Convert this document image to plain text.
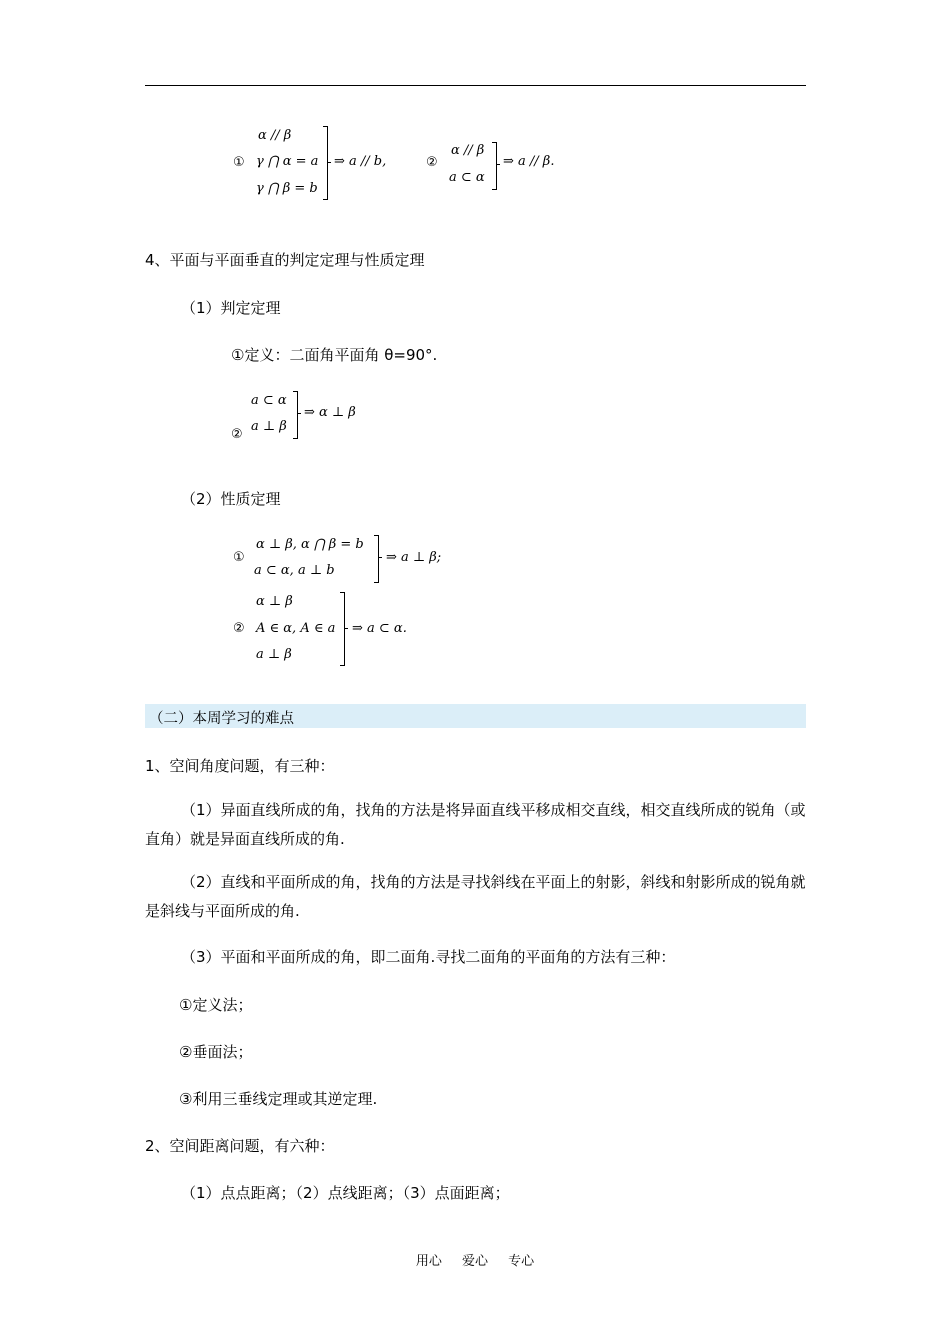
①
α // β
γ ⋂ α = a
γ ⋂ β = b
⇒ a // b,	②
α // β
a ⊂ α
⇒ a // β.
4、平面与平面垂直的判定定理与性质定理
（1）判定定理
①定义：二面角平面角 θ=90°.
a ⊂ α
②
a ⊥ β
⇒ α ⊥ β
（2）性质定理
①
α ⊥ β, α ⋂ β = b
a ⊂ α, a ⊥ b
⇒ a ⊥ β;
②
α ⊥ β
A ∈ α, A ∈ a
a ⊥ β
⇒ a ⊂ α.
（二）本周学习的难点
1、空间角度问题，有三种：
（1）异面直线所成的角，找角的方法是将异面直线平移成相交直线，相交直线所成的锐角（或直角）就是异面直线所成的角.
（2）直线和平面所成的角，找角的方法是寻找斜线在平面上的射影，斜线和射影所成的锐角就是斜线与平面所成的角.
（3）平面和平面所成的角，即二面角.寻找二面角的平面角的方法有三种：
①定义法；
②垂面法；
③利用三垂线定理或其逆定理.
2、空间距离问题，有六种：
（1）点点距离；（2）点线距离；（3）点面距离；
用心 爱心 专心
